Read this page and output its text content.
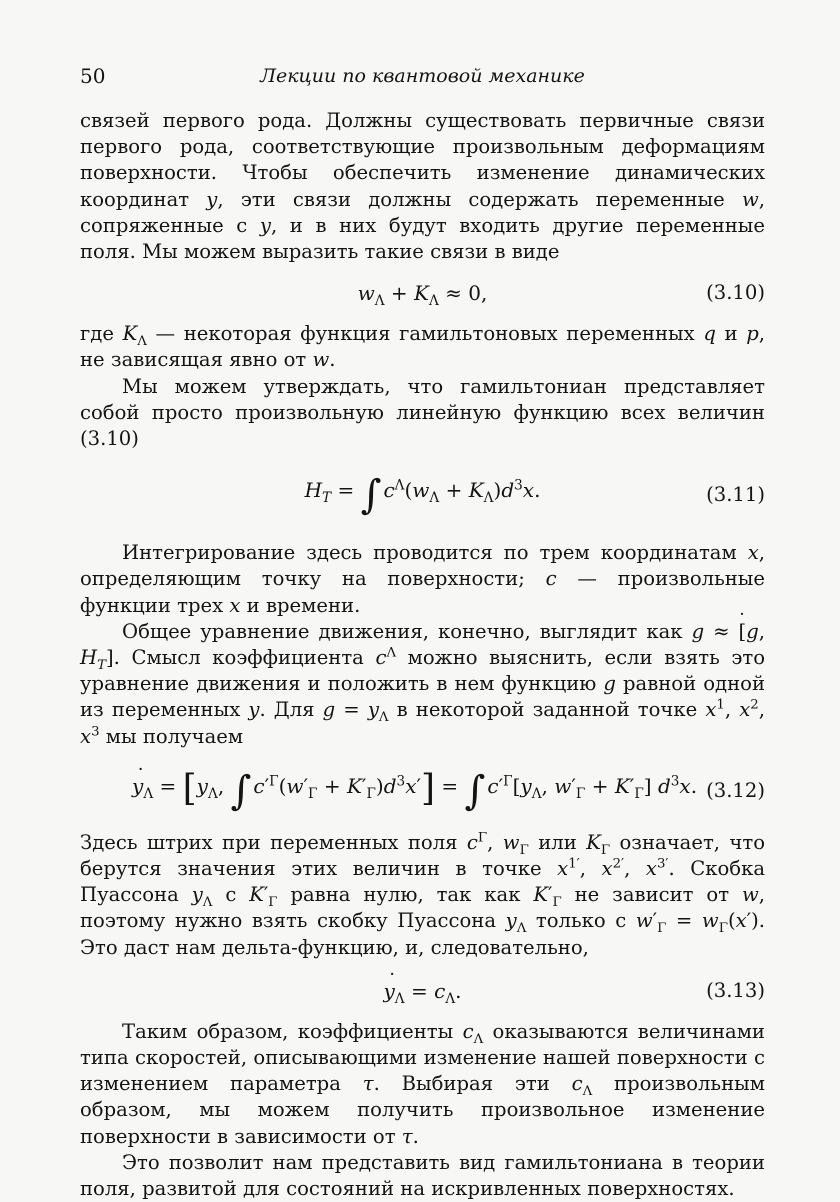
50	Лекции по квантовой механике

связей первого рода. Должны существовать первичные связи первого рода, соответствующие произвольным деформациям поверхности. Чтобы обеспечить изменение динамических координат y, эти связи должны содержать переменные w, сопряженные с y, и в них будут входить другие переменные поля. Мы можем выразить такие связи в виде

$w_\Lambda + K_\Lambda \approx 0$,	(3.10)

где $K_\Lambda$ — некоторая функция гамильтоновых переменных q и p, не зависящая явно от w.

Мы можем утверждать, что гамильтониан представляет собой просто произвольную линейную функцию всех величин (3.10)

$H_T$ = ∫ $c^\Lambda(w_\Lambda + K_\Lambda)d^3x$.	(3.11)

Интегрирование здесь проводится по трем координатам x, определяющим точку на поверхности; c — произвольные функции трех x и времени.

Общее уравнение движения, конечно, выглядит как ˙ g ≈ [g, $H_T$]. Смысл коэффициента $c^\Lambda$ можно выяснить, если взять это уравнение движения и положить в нем функцию g равной одной из переменных y. Для $g = y_\Lambda$ в некоторой заданной точке $x^1$, $x^2$, $x^3$ мы получаем

˙ $y_\Lambda = [y_\Lambda$, ∫ $c'^\Gamma(w'_\Gamma + K'_\Gamma)d^3x'$] = ∫ $c'^\Gamma[y_\Lambda$, $w'_\Gamma + K'_\Gamma$] $d^3x$. (3.12)

Здесь штрих при переменных поля $c^\Gamma$, $w_\Gamma$ или $K_\Gamma$ означает, что берутся значения этих величин в точке $x^{1'}$, $x^{2'}$, $x^{3'}$. Скобка Пуассона $y_\Lambda$ с $K'_\Gamma$ равна нулю, так как $K'_\Gamma$ не зависит от w, поэтому нужно взять скобку Пуассона $y_\Lambda$ только с $w'_\Gamma = w_\Gamma(x')$. Это даст нам дельта-функцию, и, следовательно,

˙ $y_\Lambda = c_\Lambda$.	(3.13)

Таким образом, коэффициенты $c_\Lambda$ оказываются величинами типа скоростей, описывающими изменение нашей поверхности с изменением параметра τ. Выбирая эти $c_\Lambda$ произвольным образом, мы можем получить произвольное изменение поверхности в зависимости от τ.

Это позволит нам представить вид гамильтониана в теории поля, развитой для состояний на искривленных поверхностях.
